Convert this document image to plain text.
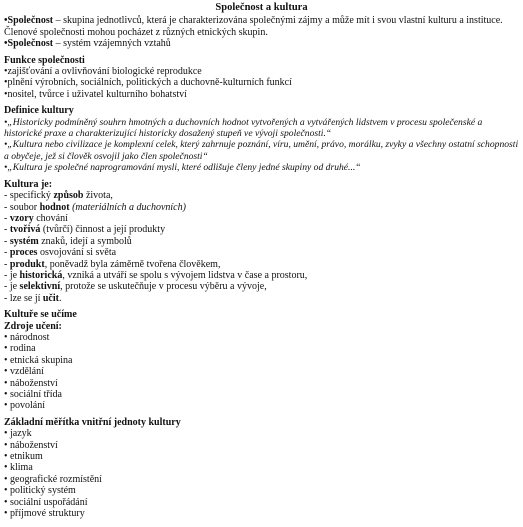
Společnost a kultura

•Společnost – skupina jednotlivců, která je charakterizována společnými zájmy a může mít i svou vlastní kulturu a instituce. Členové společnosti mohou pocházet z různých etnických skupin.

•Společnost – systém vzájemných vztahů

Funkce společnosti

•zajišťování a ovlivňování biologické reprodukce
•plnění výrobních, sociálních, politických a duchovně-kulturních funkcí
•nositel, tvůrce i uživatel kulturního bohatství

Definice kultury

•„Historicky podmíněný souhrn hmotných a duchovních hodnot vytvořených a vytvářených lidstvem v procesu společenské a historické praxe a charakterizující historicky dosažený stupeň ve vývoji společnosti.“
•„Kultura nebo civilizace je komplexní celek, který zahrnuje poznání, víru, umění, právo, morálku, zvyky a všechny ostatní schopnosti a obyčeje, jež si člověk osvojil jako člen společnosti“
•„Kultura je společné naprogramování mysli, které odlišuje členy jedné skupiny od druhé...“

Kultura je:

- specifický způsob života,
- soubor hodnot (materiálních a duchovních)
- vzory chování
- tvořivá (tvůrčí) činnost a její produkty
- systém znaků, idejí a symbolů
- proces osvojování si světa
- produkt, poněvadž byla záměrně tvořena člověkem,
- je historická, vzniká a utváří se spolu s vývojem lidstva v čase a prostoru,
- je selektivní, protože se uskutečňuje v procesu výběru a vývoje,
- lze se jí učit.

Kultuře se učíme

Zdroje učení:

• národnost
• rodina
• etnická skupina
• vzdělání
• náboženství
• sociální třída
• povolání

Základní měřítka vnitřní jednoty kultury

• jazyk
• náboženství
• etnikum
• klima
• geografické rozmístění
• politický systém
• sociální uspořádání
• příjmové struktury
